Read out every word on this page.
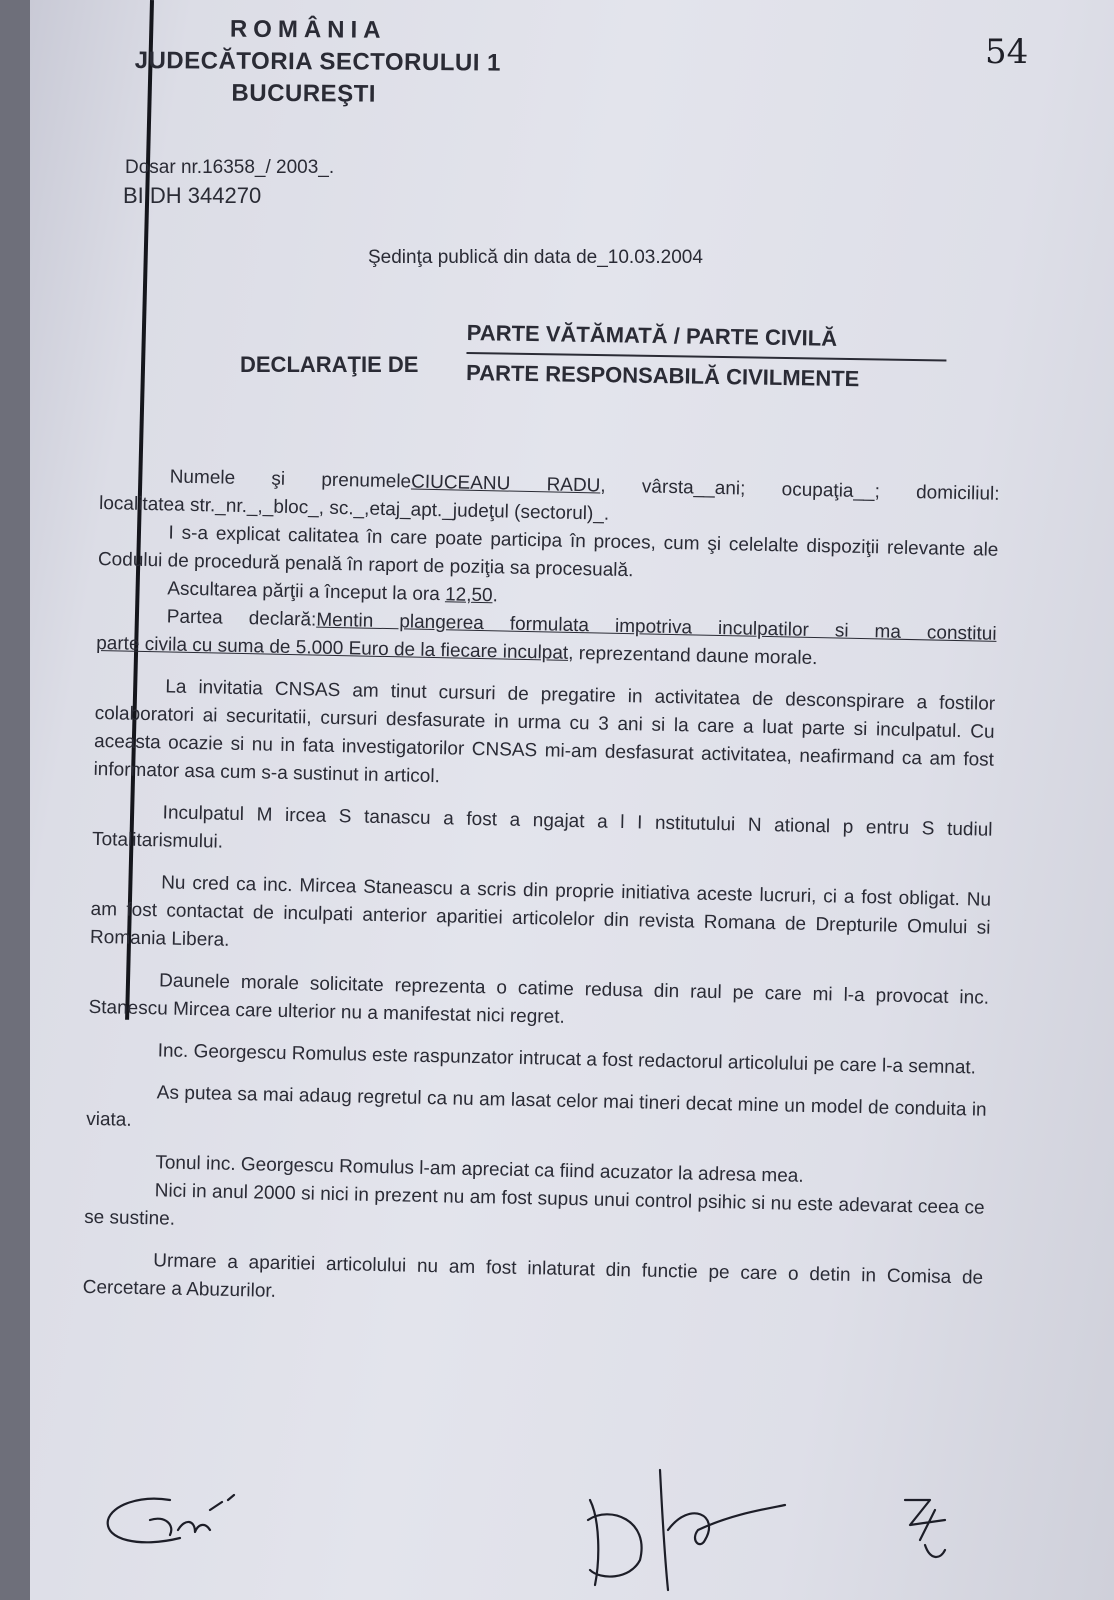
ROMÂNIA
JUDECĂTORIA SECTORULUI 1
BUCUREŞTI
54
Dosar nr.16358_/ 2003_.
BI DH 344270
Şedinţa publică din data de_10.03.2004
DECLARAŢIE DE
PARTE VĂTĂMATĂ / PARTE CIVILĂ
PARTE RESPONSABILĂ CIVILMENTE

Numele şi prenumeleCIUCEANU RADU, vârsta__ani; ocupaţia__; domiciliul:

localitatea str._nr._,_bloc_, sc._,etaj_apt._judeţul (sectorul)_.

I s-a explicat calitatea în care poate participa în proces, cum şi celelalte dispoziţii relevante ale Codului de procedură penală în raport de poziţia sa procesuală.

Ascultarea părţii a început la ora 12,50.

Partea declară:Mentin plangerea formulata impotriva inculpatilor si ma constitui

parte civila cu suma de 5.000 Euro de la fiecare inculpat, reprezentand daune morale.

La invitatia CNSAS am tinut cursuri de pregatire in activitatea de desconspirare a fostilor colaboratori ai securitatii, cursuri desfasurate in urma cu 3 ani si la care a luat parte si inculpatul. Cu aceasta ocazie si nu in fata investigatorilor CNSAS mi-am desfasurat activitatea, neafirmand ca am fost informator asa cum s-a sustinut in articol.

Inculpatul M ircea S tanascu a fost a ngajat a l I nstitutului N ational p entru S tudiul Totalitarismului.

Nu cred ca inc. Mircea Staneascu a scris din proprie initiativa aceste lucruri, ci a fost obligat. Nu am fost contactat de inculpati anterior aparitiei articolelor din revista Romana de Drepturile Omului si Romania Libera.

Daunele morale solicitate reprezenta o catime redusa din raul pe care mi l-a provocat inc. Stanescu Mircea care ulterior nu a manifestat nici regret.

Inc. Georgescu Romulus este raspunzator intrucat a fost redactorul articolului pe care l-a semnat.

As putea sa mai adaug regretul ca nu am lasat celor mai tineri decat mine un model de conduita in viata.

Tonul inc. Georgescu Romulus l-am apreciat ca fiind acuzator la adresa mea.

Nici in anul 2000 si nici in prezent nu am fost supus unui control psihic si nu este adevarat ceea ce se sustine.

Urmare a aparitiei articolului nu am fost inlaturat din functie pe care o detin in Comisa de Cercetare a Abuzurilor.
